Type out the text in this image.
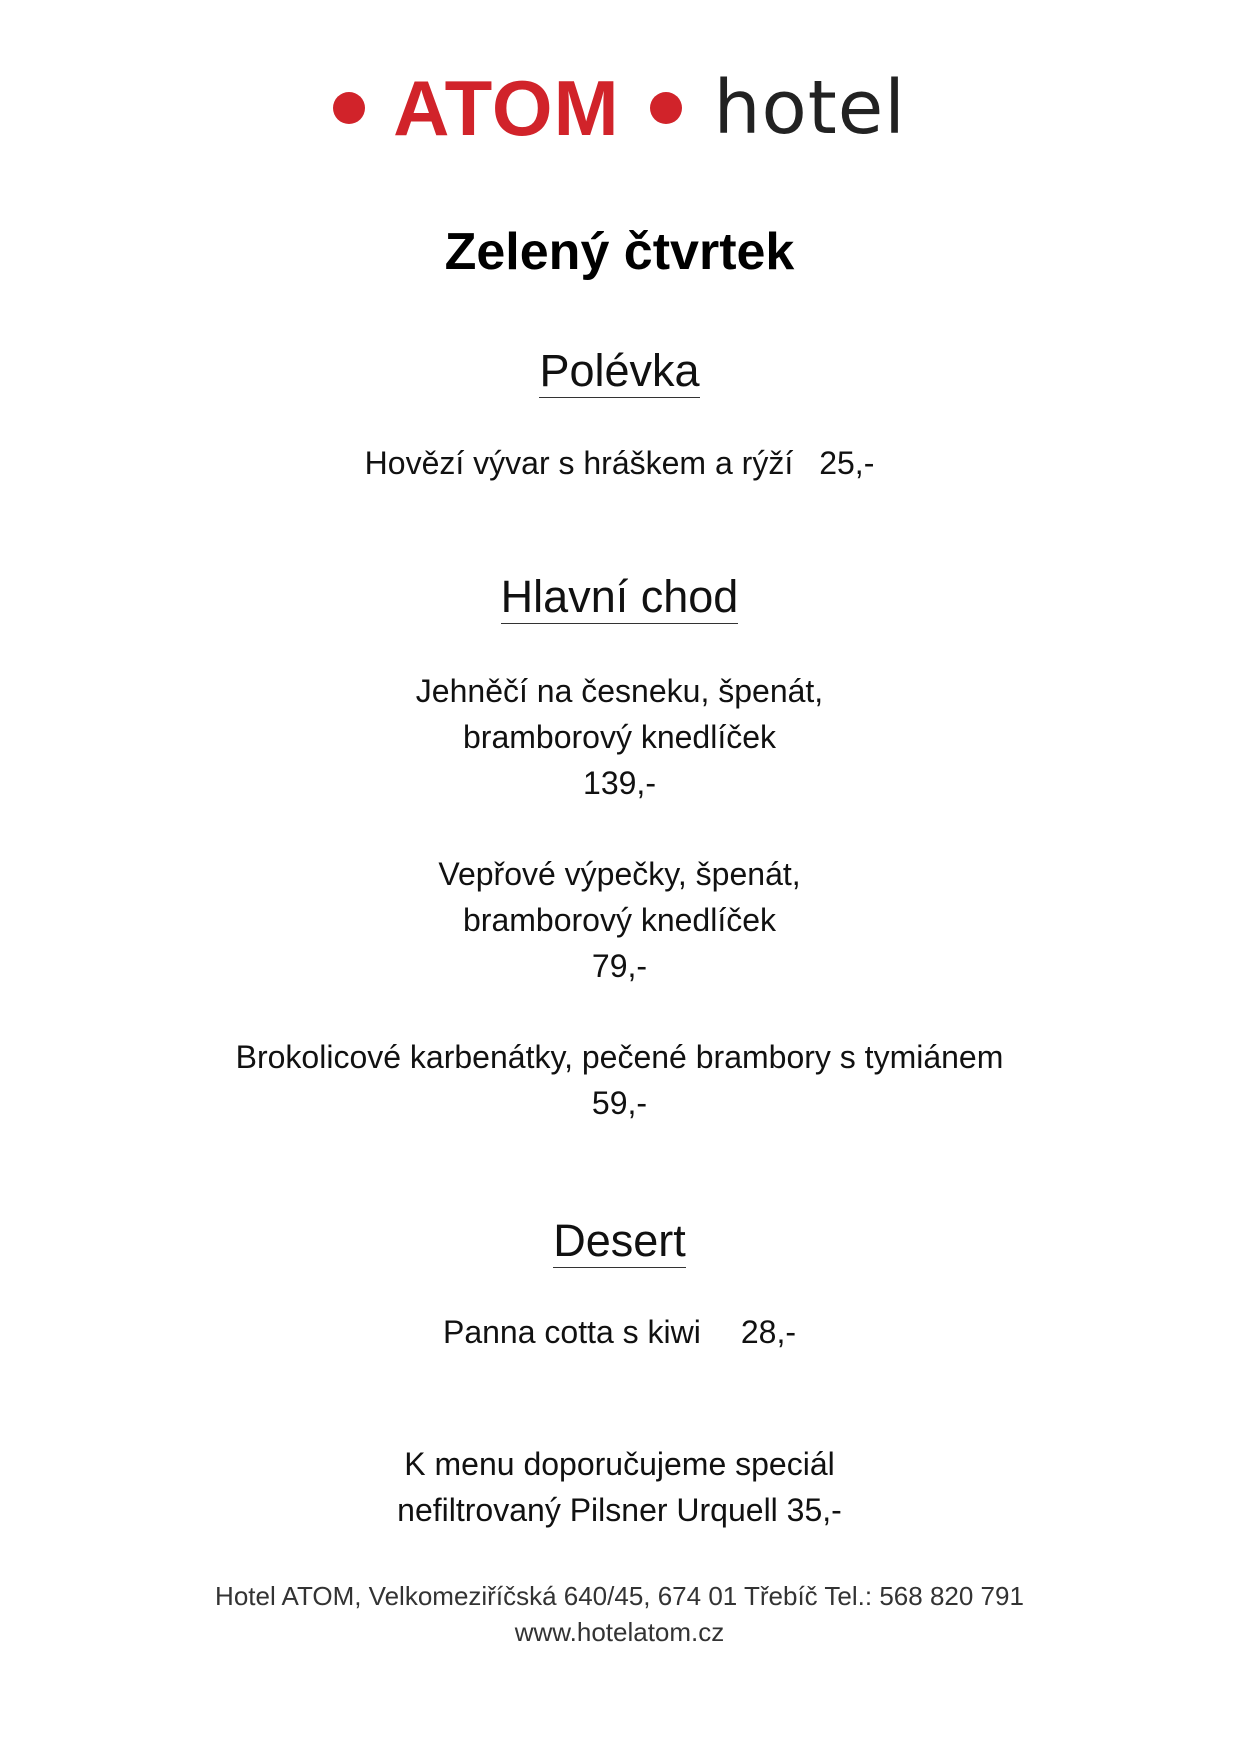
ATOM hotel
Zelený čtvrtek
Polévka
Hovězí vývar s hráškem a rýží 25,-
Hlavní chod
Jehněčí na česneku, špenát,
bramborový knedlíček
139,-
Vepřové výpečky, špenát,
bramborový knedlíček
79,-
Brokolicové karbenátky, pečené brambory s tymiánem
59,-
Desert
Panna cotta s kiwi 28,-
K menu doporučujeme speciál
nefiltrovaný Pilsner Urquell 35,-
Hotel ATOM, Velkomeziříčská 640/45, 674 01 Třebíč Tel.: 568 820 791
www.hotelatom.cz
